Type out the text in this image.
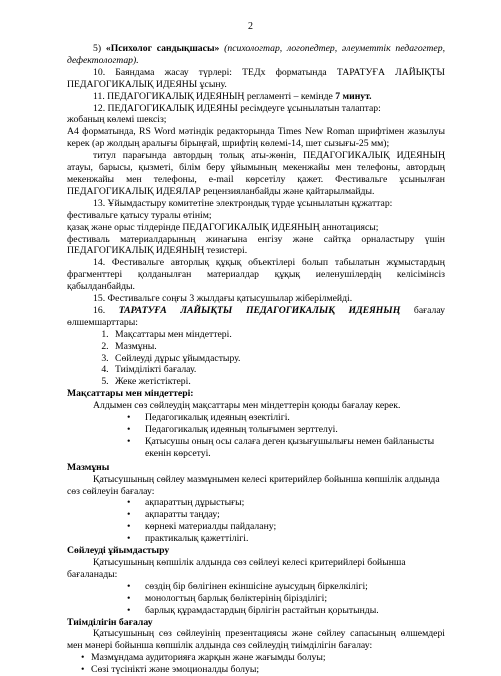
2

5) «Психолог сандықшасы» (психологтар, логопедтер, әлеуметтік педагогтер, дефектологтар).

10. Баяндама жасау түрлері: ТЕДх форматында ТАРАТУҒА ЛАЙЫҚТЫ ПЕДАГОГИКАЛЫҚ ИДЕЯНЫ ұсыну.

11. ПЕДАГОГИКАЛЫҚ ИДЕЯНЫҢ регламенті – кемінде 7 минут.

12. ПЕДАГОГИКАЛЫҚ ИДЕЯНЫ ресімдеуге ұсынылатын талаптар:

жобаның көлемі шексіз;

А4 форматында, RS Word мәтіндік редакторында Times New Roman шрифтімен жазылуы керек (әр жолдың аралығы бірыңғай, шрифтің көлемі-14, шет сызығы-25 мм);

титул парағында автордың толық аты-жөнін, ПЕДАГОГИКАЛЫҚ ИДЕЯНЫҢ атауы, барысы, қызметі, білім беру ұйымының мекенжайы мен телефоны, автордың мекенжайы мен телефоны, e-mail көрсетілу қажет. Фестивальге ұсынылған ПЕДАГОГИКАЛЫҚ ИДЕЯЛАР рецензияланбайды және қайтарылмайды.

13. Ұйымдастыру комитетіне электрондық түрде ұсынылатын құжаттар:

фестивальге қатысу туралы өтінім;

қазақ және орыс тілдерінде ПЕДАГОГИКАЛЫҚ ИДЕЯНЫҢ аннотациясы;

фестиваль материалдарының жинағына енгізу және сайтқа орналастыру үшін ПЕДАГОГИКАЛЫҚ ИДЕЯНЫҢ тезистері.

14. Фестивальге авторлық құқық объектілері болып табылатын жұмыстардың фрагменттері қолданылған материалдар құқық иеленушілердің келісімінсіз қабылданбайды.

15. Фестивальге соңғы 3 жылдағы қатысушылар жіберілмейді.

16. ТАРАТУҒА ЛАЙЫҚТЫ ПЕДАГОГИКАЛЫҚ ИДЕЯНЫҢ бағалау өлшемшарттары:

1. Мақсаттары мен міндеттері.
2. Мазмұны.
3. Сөйлеуді дұрыс ұйымдастыру.
4. Тиімділікті бағалау.
5. Жеке жетістіктері.

Мақсаттары мен міндеттері:

Алдымен сөз сөйлеудің мақсаттары мен міндеттерін қоюды бағалау керек.

• Педагогикалық идеяның өзектілігі.
• Педагогикалық идеяның толығымен зерттелуі.
• Қатысушы оның осы салаға деген қызығушылығы немен байланысты екенін көрсетуі.

Мазмұны

Қатысушының сөйлеу мазмұнымен келесі критерийлер бойынша көпшілік алдында сөз сөйлеуін бағалау:

• ақпараттың дұрыстығы;
• ақпаратты таңдау;
• көрнекі материалды пайдалану;
• практикалық қажеттілігі.

Сөйлеуді ұйымдастыру

Қатысушының көпшілік алдында сөз сөйлеуі келесі критерийлері бойынша бағаланады:

• сөздің бір бөлігінен екіншісіне ауысудың біркелкілігі;
• монологтың барлық бөліктерінің бірізділігі;
• барлық құрамдастардың бірлігін растайтын қорытынды.

Тиімділігін бағалау

Қатысушының сөз сөйлеуінің презентациясы және сөйлеу сапасының өлшемдері мен мәнері бойынша көпшілік алдында сөз сөйлеудің тиімділігін бағалау:

• Мазмұндама аудиторияға жарқын және жағымды болуы;
• Сөзі түсінікті және эмоционалды болуы;
